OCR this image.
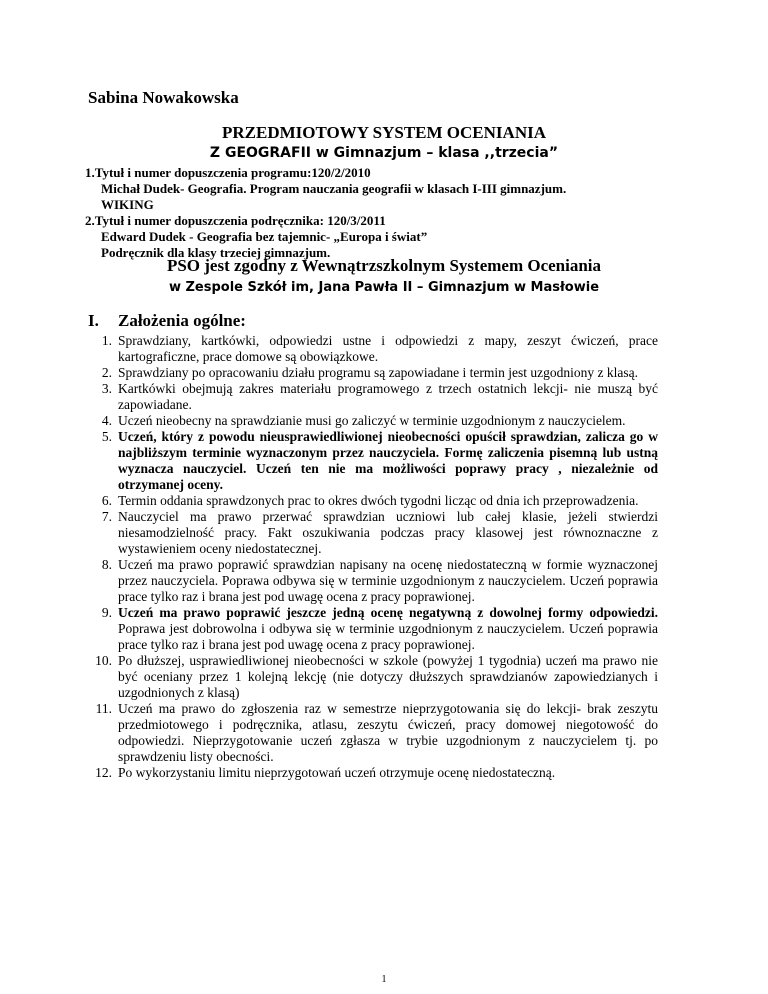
Sabina Nowakowska
PRZEDMIOTOWY SYSTEM OCENIANIA
Z GEOGRAFII w Gimnazjum – klasa ,,trzecia”
1.Tytuł i numer dopuszczenia programu:120/2/2010
Michał Dudek- Geografia. Program nauczania geografii w klasach I-III gimnazjum.
WIKING
2.Tytuł i numer dopuszczenia podręcznika: 120/3/2011
Edward Dudek - Geografia bez tajemnic- „Europa i świat”
Podręcznik dla klasy trzeciej gimnazjum.
PSO jest zgodny z Wewnątrzszkolnym Systemem Oceniania
w Zespole Szkół im, Jana Pawła II – Gimnazjum w Masłowie
I. Założenia ogólne:
1. Sprawdziany, kartkówki, odpowiedzi ustne i odpowiedzi z mapy, zeszyt ćwiczeń, prace kartograficzne, prace domowe są obowiązkowe.
2. Sprawdziany po opracowaniu działu programu są zapowiadane i termin jest uzgodniony z klasą.
3. Kartkówki obejmują zakres materiału programowego z trzech ostatnich lekcji- nie muszą być zapowiadane.
4. Uczeń nieobecny na sprawdzianie musi go zaliczyć w terminie uzgodnionym z nauczycielem.
5. Uczeń, który z powodu nieusprawiedliwionej nieobecności opuścił sprawdzian, zalicza go w najbliższym terminie wyznaczonym przez nauczyciela. Formę zaliczenia pisemną lub ustną wyznacza nauczyciel. Uczeń ten nie ma możliwości poprawy pracy , niezależnie od otrzymanej oceny.
6. Termin oddania sprawdzonych prac to okres dwóch tygodni licząc od dnia ich przeprowadzenia.
7. Nauczyciel ma prawo przerwać sprawdzian uczniowi lub całej klasie, jeżeli stwierdzi niesamodzielność pracy. Fakt oszukiwania podczas pracy klasowej jest równoznaczne z wystawieniem oceny niedostatecznej.
8. Uczeń ma prawo poprawić sprawdzian napisany na ocenę niedostateczną w formie wyznaczonej przez nauczyciela. Poprawa odbywa się w terminie uzgodnionym z nauczycielem. Uczeń poprawia prace tylko raz i brana jest pod uwagę ocena z pracy poprawionej.
9. Uczeń ma prawo poprawić jeszcze jedną ocenę negatywną z dowolnej formy odpowiedzi. Poprawa jest dobrowolna i odbywa się w terminie uzgodnionym z nauczycielem. Uczeń poprawia prace tylko raz i brana jest pod uwagę ocena z pracy poprawionej.
10. Po dłuższej, usprawiedliwionej nieobecności w szkole (powyżej 1 tygodnia) uczeń ma prawo nie być oceniany przez 1 kolejną lekcję (nie dotyczy dłuższych sprawdzianów zapowiedzianych i uzgodnionych z klasą)
11. Uczeń ma prawo do zgłoszenia raz w semestrze nieprzygotowania się do lekcji- brak zeszytu przedmiotowego i podręcznika, atlasu, zeszytu ćwiczeń, pracy domowej niegotowość do odpowiedzi. Nieprzygotowanie uczeń zgłasza w trybie uzgodnionym z nauczycielem tj. po sprawdzeniu listy obecności.
12. Po wykorzystaniu limitu nieprzygotowań uczeń otrzymuje ocenę niedostateczną.
1
